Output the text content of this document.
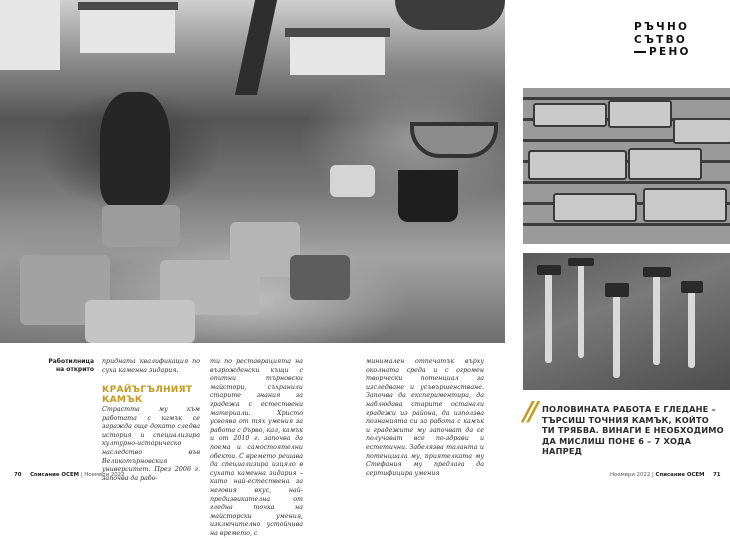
РЪЧНО
СЪТВО
РЕНО
Работилница
на открито
придната квалификация по суха каменна зидария.
КРАЙЪГЪЛНИЯТ
КАМЪК
Страстта му към работата с камък се заражда още докато следва история и специализира културно-историческо наследство във Великотърновския университет. През 2006 г. започва да рабо-
ти по реставрацията на възрожденски къщи с опитни търновски майстори, съхранили старите знания за градежа с естествени материали. Христо усвоява от тях умения за работа с дърво, кал, камък и от 2010 г. започва да поема и самостоятелни обекти. С времето решава да специализира изцяло в сухата каменна зидария – като най-естествена за неговия вкус, най-предизвикателна от гледна точка на майсторски умения, изключително устойчива на времето, с
минимален отпечатък върху околната среда и с огромен творчески потенциал за изследване и усъвършенстване. Започва да експериментира, да наблюдава старите останали градежи из района, да използва познанията си за работа с камък и градежите му започват да се получават все по-здрави и естетични. Забелязва таланта и потенциала му, приятелката му Стефания му предлага да сертифицира умения
// ПОЛОВИНАТА РАБОТА Е ГЛЕДАНЕ – ТЪРСИШ ТОЧНИЯ КАМЪК, КОЙТО ТИ ТРЯБВА. ВИНАГИ Е НЕОБХОДИМО ДА МИСЛИШ ПОНЕ 6 – 7 ХОДА НАПРЕД
70 Списание ОСЕМ | Ноември 2022	Ноември 2022 | Списание ОСЕМ 71
